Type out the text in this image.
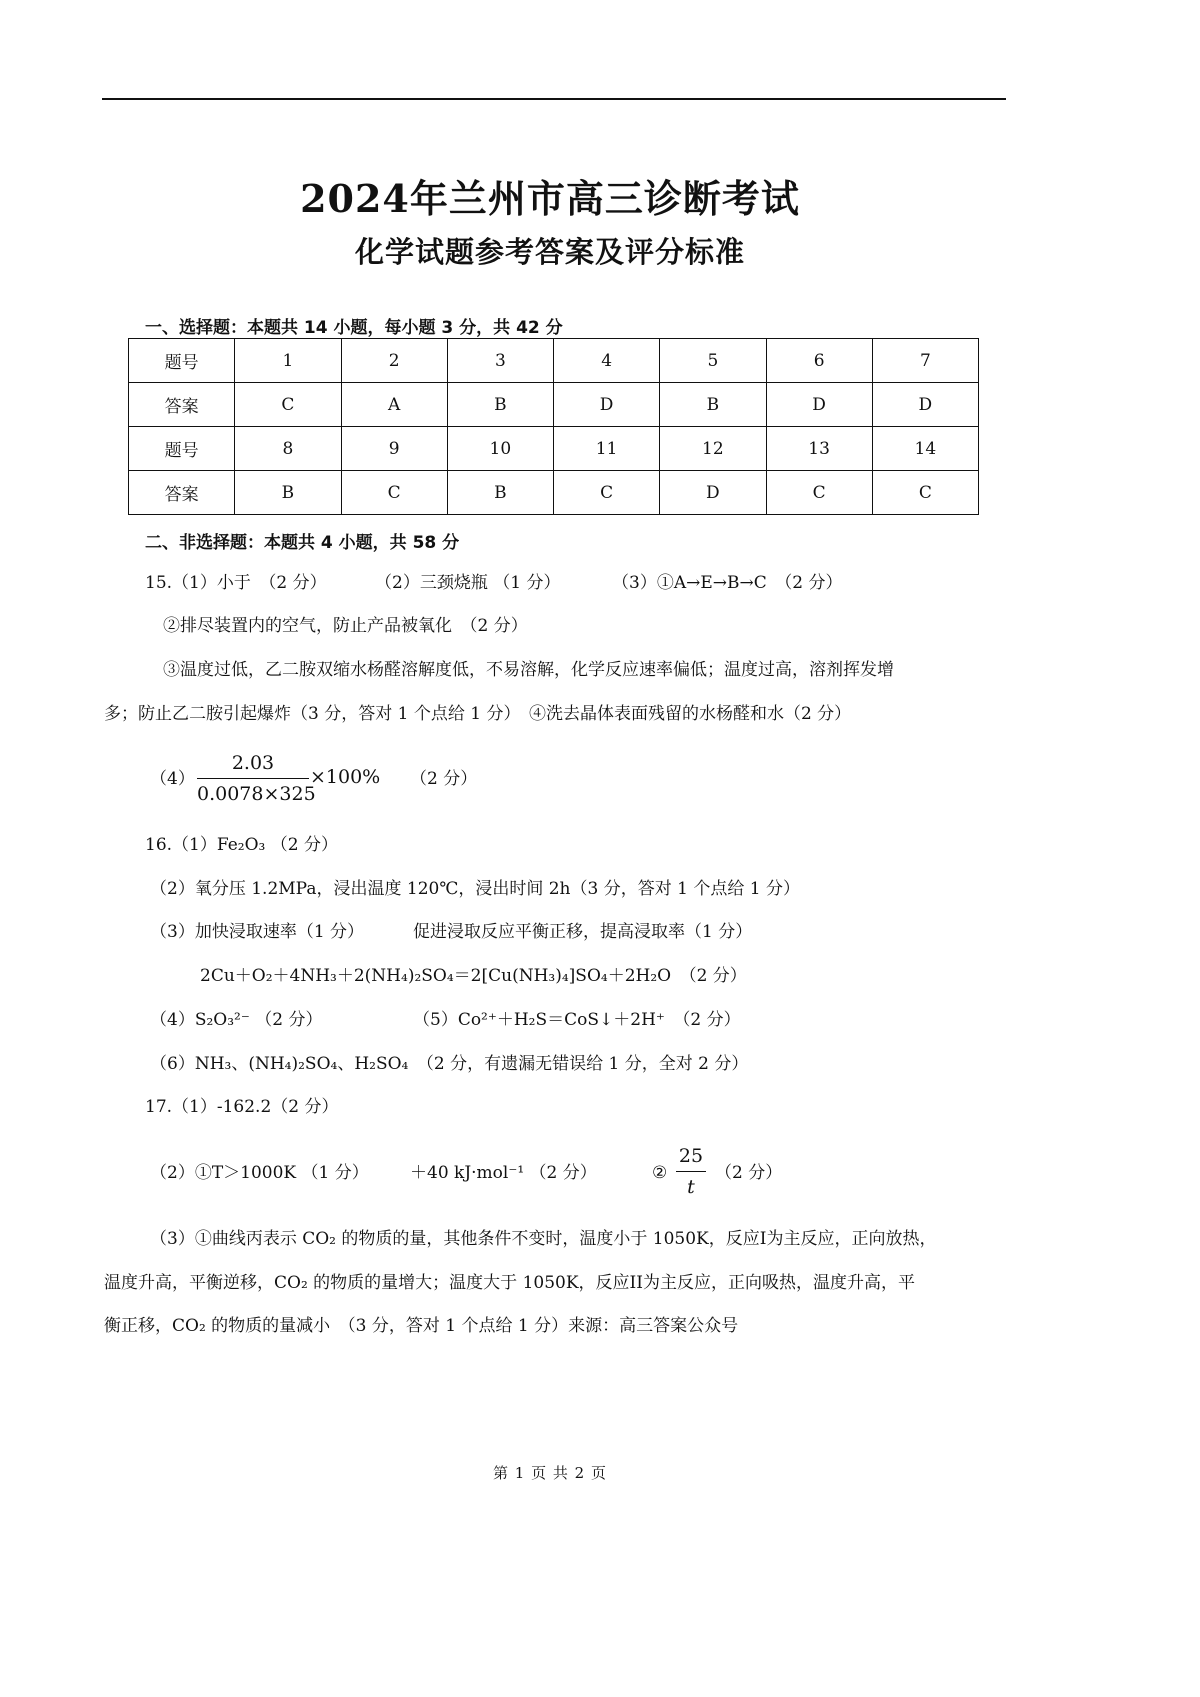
2024年兰州市高三诊断考试
化学试题参考答案及评分标准
一、选择题：本题共 14 小题，每小题 3 分，共 42 分
题号	1	2	3	4	5	6	7
答案	C	A	B	D	B	D	D
题号	8	9	10	11	12	13	14
答案	B	C	B	C	D	C	C
二、非选择题：本题共 4 小题，共 58 分
15.（1）小于　（2 分）	（2）三颈烧瓶 （1 分）	（3）①A→E→B→C　（2 分）
②排尽装置内的空气，防止产品被氧化　（2 分）
③温度过低，乙二胺双缩水杨醛溶解度低，不易溶解，化学反应速率偏低；温度过高，溶剂挥发增
多；防止乙二胺引起爆炸（3 分，答对 1 个点给 1 分）　④洗去晶体表面残留的水杨醛和水（2 分）
（4）
2.03
0.0078×325
×100% （2 分）
16.（1）Fe₂O₃ （2 分）
（2）氧分压 1.2MPa，浸出温度 120℃，浸出时间 2h（3 分，答对 1 个点给 1 分）
（3）加快浸取速率（1 分）	促进浸取反应平衡正移，提高浸取率（1 分）
2Cu＋O₂＋4NH₃＋2(NH₄)₂SO₄＝2[Cu(NH₃)₄]SO₄＋2H₂O　（2 分）
（4）S₂O₃²⁻ （2 分）	（5）Co²⁺＋H₂S＝CoS↓＋2H⁺　（2 分）
（6）NH₃、(NH₄)₂SO₄、H₂SO₄　（2 分，有遗漏无错误给 1 分，全对 2 分）
17.（1）-162.2（2 分）
（2）①T＞1000K （1 分） ＋40 kJ·mol⁻¹ （2 分）	②
25
t
（2 分）
（3）①曲线丙表示 CO₂ 的物质的量，其他条件不变时，温度小于 1050K，反应I为主反应，正向放热，
温度升高，平衡逆移，CO₂ 的物质的量增大；温度大于 1050K，反应II为主反应，正向吸热，温度升高，平
衡正移，CO₂ 的物质的量减小　（3 分，答对 1 个点给 1 分）来源：高三答案公众号
第 1 页 共 2 页
